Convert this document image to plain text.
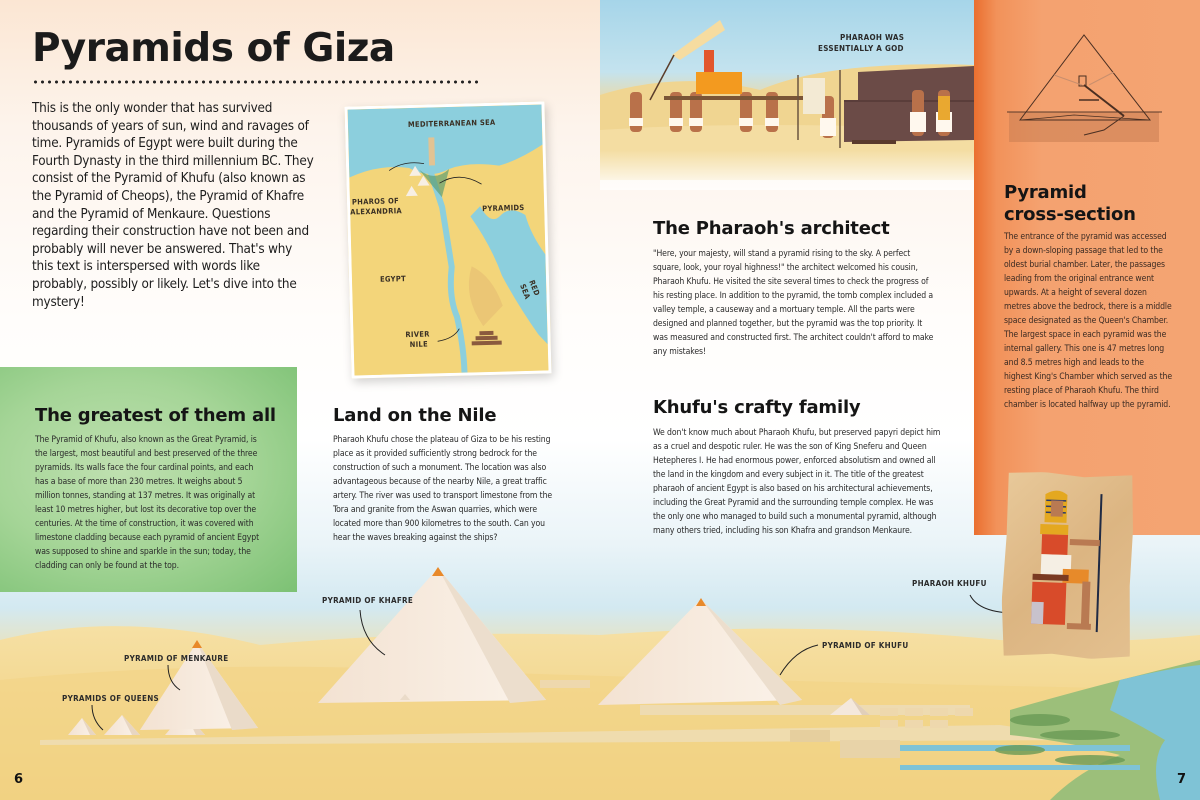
Pyramids of Giza

This is the only wonder that has survived thousands of years of sun, wind and ravages of time. Pyramids of Egypt were built during the Fourth Dynasty in the third millennium BC. They consist of the Pyramid of Khufu (also known as the Pyramid of Cheops), the Pyramid of Khafre and the Pyramid of Menkaure. Questions regarding their construction have not been and probably will never be answered. That's why this text is interspersed with words like probably, possibly or likely. Let's dive into the mystery!

MEDITERRANEAN SEA
PHAROS OF
ALEXANDRIA	PYRAMIDS
EGYPT	RED SEA
RIVER
NILE
The greatest of them all

The Pyramid of Khufu, also known as the Great Pyramid, is the largest, most beautiful and best preserved of the three pyramids. Its walls face the four cardinal points, and each has a base of more than 230 metres. It weighs about 5 million tonnes, standing at 137 metres. It was originally at least 10 metres higher, but lost its decorative top over the centuries. At the time of construction, it was covered with limestone cladding because each pyramid of ancient Egypt was supposed to shine and sparkle in the sun; today, the cladding can only be found at the top.

Land on the Nile

Pharaoh Khufu chose the plateau of Giza to be his resting place as it provided sufficiently strong bedrock for the construction of such a monument. The location was also advantageous because of the nearby Nile, a great traffic artery. The river was used to transport limestone from the Tora and granite from the Aswan quarries, which were located more than 900 kilometres to the south. Can you hear the waves breaking against the ships?

PYRAMID OF KHAFRE
PYRAMID OF MENKAURE
PYRAMIDS OF QUEENS
PYRAMID OF KHUFU
6
PHARAOH WAS
ESSENTIALLY A GOD
The Pharaoh's architect

"Here, your majesty, will stand a pyramid rising to the sky. A perfect square, look, your royal highness!" the architect welcomed his cousin, Pharaoh Khufu. He visited the site several times to check the progress of his resting place. In addition to the pyramid, the tomb complex included a valley temple, a causeway and a mortuary temple. All the parts were designed and planned together, but the pyramid was the top priority. It was measured and constructed first. The architect couldn't afford to make any mistakes!

Khufu's crafty family

We don't know much about Pharaoh Khufu, but preserved papyri depict him as a cruel and despotic ruler. He was the son of King Sneferu and Queen Hetepheres I. He had enormous power, enforced absolutism and owned all the land in the kingdom and every subject in it. The title of the greatest pharaoh of ancient Egypt is also based on his architectural achievements, including the Great Pyramid and the surrounding temple complex. He was the only one who managed to build such a monumental pyramid, although many others tried, including his son Khafra and grandson Menkaure.

Pyramid
cross-section

The entrance of the pyramid was accessed by a down-sloping passage that led to the oldest burial chamber. Later, the passages leading from the original entrance went upwards. At a height of several dozen metres above the bedrock, there is a middle space designated as the Queen's Chamber. The largest space in each pyramid was the internal gallery. This one is 47 metres long and 8.5 metres high and leads to the highest King's Chamber which served as the resting place of Pharaoh Khufu. The third chamber is located halfway up the pyramid.

PHARAOH KHUFU
7
